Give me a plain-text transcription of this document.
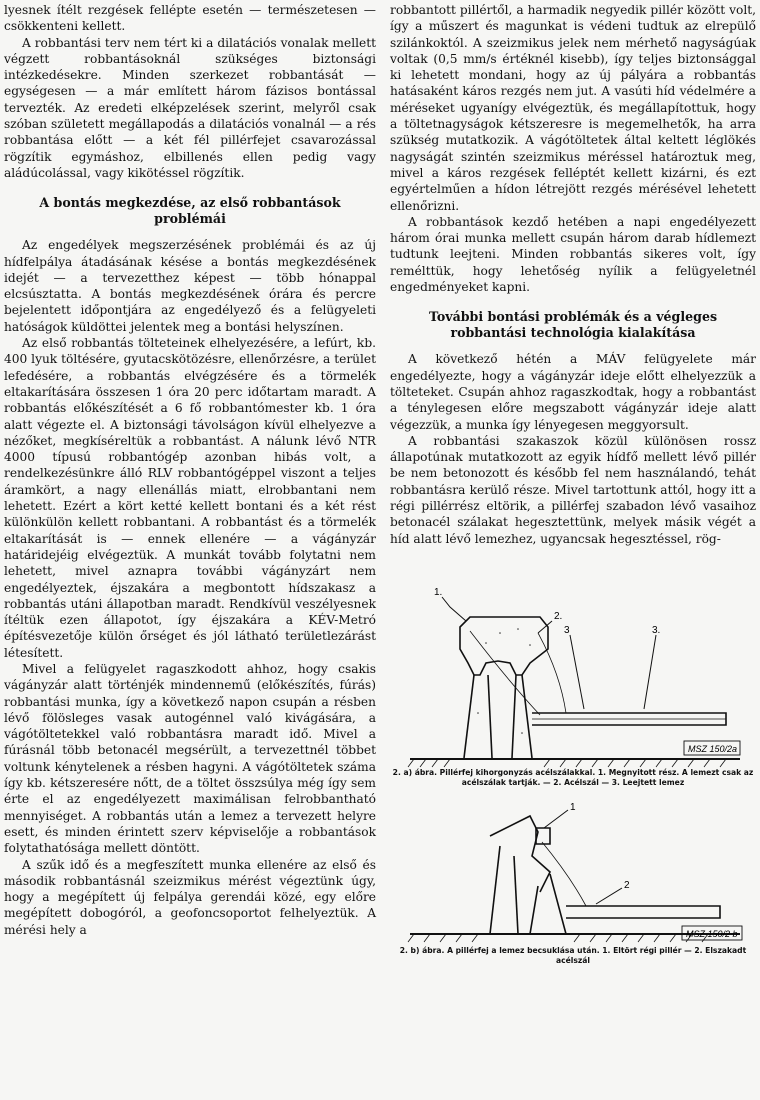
lyesnek ítélt rezgések fellépte esetén — természetesen — csökkenteni kellett.

A robbantási terv nem tért ki a dilatációs vonalak mellett végzett robbantásoknál szükséges biztonsági intézkedésekre. Minden szerkezet robbantását — egységesen — a már említett három fázisos bontással tervezték. Az eredeti elképzelések szerint, melyről csak szóban született megállapodás a dilatációs vonalnál — a rés robbantása előtt — a két fél pillérfejet csavarozással rögzítik egymáshoz, elbillenés ellen pedig vagy aládúcolással, vagy kikötéssel rögzítik.

A bontás megkezdése, az első robbantások problémái

Az engedélyek megszerzésének problémái és az új hídfelpálya átadásának késése a bontás megkezdésének idejét — a tervezetthez képest — több hónappal elcsúsztatta. A bontás megkezdésének órára és percre bejelentett időpontjára az engedélyező és a felügyeleti hatóságok küldöttei jelentek meg a bontási helyszínen.

Az első robbantás tölteteinek elhelyezésére, a lefúrt, kb. 400 lyuk töltésére, gyutacskötözésre, ellenőrzésre, a terület lefedésére, a robbantás elvégzésére és a törmelék eltakarítására összesen 1 óra 20 perc időtartam maradt. A robbantás előkészítését a 6 fő robbantómester kb. 1 óra alatt végezte el. A biztonsági távolságon kívül elhelyezve a nézőket, megkíséreltük a robbantást. A nálunk lévő NTR 4000 típusú robbantógép azonban hibás volt, a rendelkezésünkre álló RLV robbantógéppel viszont a teljes áramkört, a nagy ellenállás miatt, elrobbantani nem lehetett. Ezért a kört ketté kellett bontani és a két rést különkülön kellett robbantani. A robbantást és a törmelék eltakarítását is — ennek ellenére — a vágányzár határidejéig elvégeztük. A munkát tovább folytatni nem lehetett, mivel aznapra további vágányzárt nem engedélyeztek, éjszakára a megbontott hídszakasz a robbantás utáni állapotban maradt. Rendkívül veszélyesnek ítéltük ezen állapotot, így éjszakára a KÉV-Metró építésvezetője külön őrséget és jól látható területlezárást létesített.

Mivel a felügyelet ragaszkodott ahhoz, hogy csakis vágányzár alatt történjék mindennemű (előkészítés, fúrás) robbantási munka, így a következő napon csupán a résben lévő fölösleges vasak autogénnel való kivágására, a vágótöltetekkel való robbantásra maradt idő. Mivel a fúrásnál több betonacél megsérült, a tervezettnél többet voltunk kénytelenek a résben hagyni. A vágótöltetek száma így kb. kétszeresére nőtt, de a töltet összsúlya még így sem érte el az engedélyezett maximálisan felrobbantható mennyiséget. A robbantás után a lemez a tervezett helyre esett, és minden érintett szerv képviselője a robbantások folytathatósága mellett döntött.

A szűk idő és a megfeszített munka ellenére az első és második robbantásnál szeizmikus mérést végeztünk úgy, hogy a megépített új felpálya gerendái közé, egy előre megépített dobogóról, a geofoncsoportot felhelyeztük. A mérési hely a

robbantott pillértől, a harmadik negyedik pillér között volt, így a műszert és magunkat is védeni tudtuk az elrepülő szilánkoktól. A szeizmikus jelek nem mérhető nagyságúak voltak (0,5 mm/s értéknél kisebb), így teljes biztonsággal ki lehetett mondani, hogy az új pályára a robbantás hatásaként káros rezgés nem jut. A vasúti híd védelmére a méréseket ugyanígy elvégeztük, és megállapítottuk, hogy a töltetnagyságok kétszeresre is megemelhetők, ha arra szükség mutatkozik. A vágótöltetek által keltett léglökés nagyságát szintén szeizmikus méréssel határoztuk meg, mivel a káros rezgések felléptét kellett kizárni, és ezt egyértelműen a hídon létrejött rezgés mérésével lehetett ellenőrizni.

A robbantások kezdő hetében a napi engedélyezett három órai munka mellett csupán három darab hídlemezt tudtunk leejteni. Minden robbantás sikeres volt, így remélttük, hogy lehetőség nyílik a felügyeletnél engedményeket kapni.

További bontási problémák és a végleges robbantási technológia kialakítása

A következő hétén a MÁV felügyelete már engedélyezte, hogy a vágányzár ideje előtt elhelyezzük a tölteteket. Csupán ahhoz ragaszkodtak, hogy a robbantást a ténylegesen előre megszabott vágányzár ideje alatt végezzük, a munka így lényegesen meggyorsult.

A robbantási szakaszok közül különösen rossz állapotúnak mutatkozott az egyik hídfő mellett lévő pillér be nem betonozott és később fel nem használandó, tehát robbantásra kerülő része. Mivel tartottunk attól, hogy itt a régi pillérrész eltörik, a pillérfej szabadon lévő vasaihoz betonacél szálakat hegesztettünk, melyek másik végét a híd alatt lévő lemezhez, ugyancsak hegesztéssel, rög-

1.
2.
3	3.
MSZ 150/2a

2. a) ábra. Pillérfej kihorgonyzás acélszálakkal. 1. Megnyitott rész. A lemezt csak az acélszálak tartják. — 2. Acélszál — 3. Leejtett lemez

1
2
MSZ 150/2 b

2. b) ábra. A pillérfej a lemez becsuklása után. 1. Eltört régi pillér — 2. Elszakadt acélszál
